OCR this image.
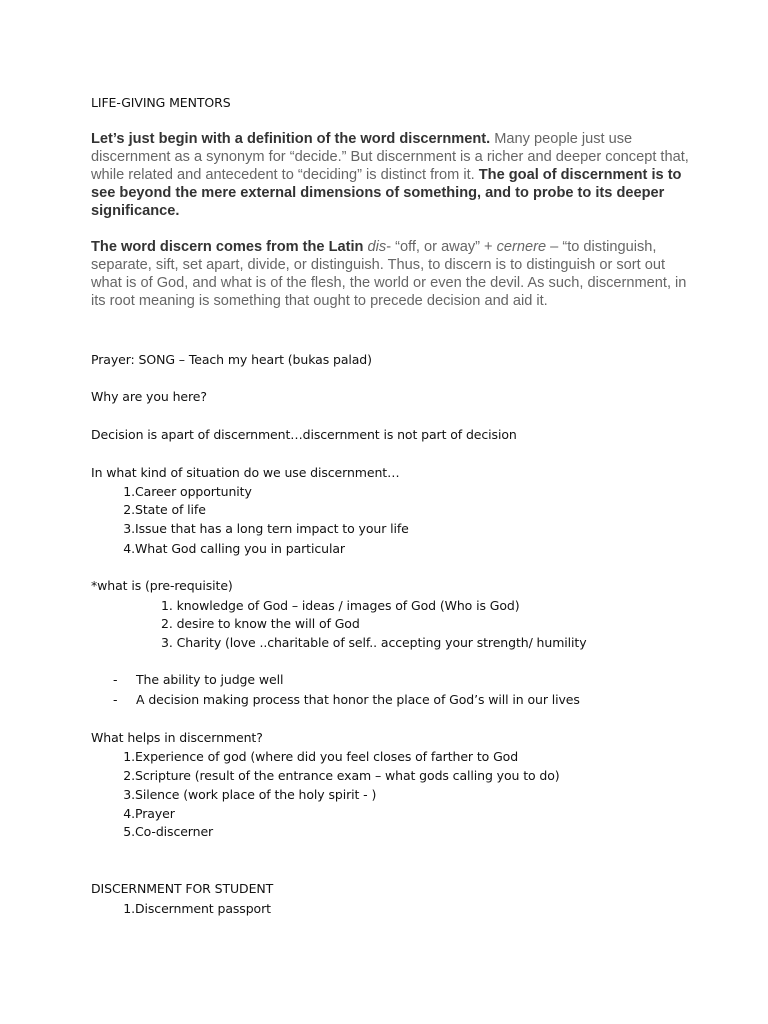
LIFE-GIVING MENTORS
Let’s just begin with a definition of the word discernment. Many people just use discernment as a synonym for “decide.” But discernment is a richer and deeper concept that, while related and antecedent to “deciding” is distinct from it. The goal of discernment is to see beyond the mere external dimensions of something, and to probe to its deeper significance.
The word discern comes from the Latin dis- “off, or away” + cernere – “to distinguish, separate, sift, set apart, divide, or distinguish. Thus, to discern is to distinguish or sort out what is of God, and what is of the flesh, the world or even the devil. As such, discernment, in its root meaning is something that ought to precede decision and aid it.
Prayer: SONG – Teach my heart (bukas palad)
Why are you here?
Decision is apart of discernment…discernment is not part of decision
In what kind of situation do we use discernment…
1. Career opportunity
2. State of life
3. Issue that has a long tern impact to your life
4. What God calling you in particular
*what is (pre-requisite)
1. knowledge of God – ideas / images of God (Who is God)
2. desire to know the will of God
3. Charity (love ..charitable of self.. accepting your strength/ humility
- The ability to judge well
- A decision making process that honor the place of God’s will in our lives
What helps in discernment?
1. Experience of god (where did you feel closes of farther to God
2. Scripture (result of the entrance exam – what gods calling you to do)
3. Silence (work place of the holy spirit - )
4. Prayer
5. Co-discerner
DISCERNMENT FOR STUDENT
1. Discernment passport
